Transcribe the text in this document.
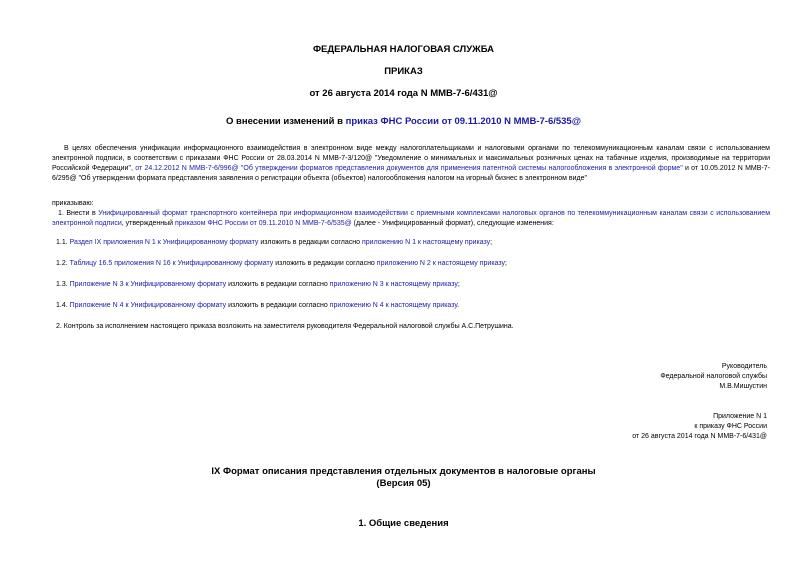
ФЕДЕРАЛЬНАЯ НАЛОГОВАЯ СЛУЖБА
ПРИКАЗ
от 26 августа 2014 года N ММВ-7-6/431@
О внесении изменений в приказ ФНС России от 09.11.2010 N ММВ-7-6/535@
В целях обеспечения унификации информационного взаимодействия в электронном виде между налогоплательщиками и налоговыми органами по телекоммуникационным каналам связи с использованием электронной подписи, в соответствии с приказами ФНС России от 28.03.2014 N ММВ-7-3/120@ "Уведомление о минимальных и максимальных розничных ценах на табачные изделия, производимые на территории Российской Федерации", от 24.12.2012 N ММВ-7-6/996@ "Об утверждении форматов представления документов для применения патентной системы налогообложения в электронной форме" и от 10.05.2012 N ММВ-7-6/295@ "Об утверждении формата представления заявления о регистрации объекта (объектов) налогообложения налогом на игорный бизнес в электронном виде"
приказываю:
1. Внести в Унифицированный формат транспортного контейнера при информационном взаимодействии с приемными комплексами налоговых органов по телекоммуникационным каналам связи с использованием электронной подписи, утвержденный приказом ФНС России от 09.11.2010 N ММВ-7-6/535@ (далее - Унифицированный формат), следующие изменения:
1.1. Раздел IX приложения N 1 к Унифицированному формату изложить в редакции согласно приложению N 1 к настоящему приказу;
1.2. Таблицу 16.5 приложения N 16 к Унифицированному формату изложить в редакции согласно приложению N 2 к настоящему приказу;
1.3. Приложение N 3 к Унифицированному формату изложить в редакции согласно приложению N 3 к настоящему приказу;
1.4. Приложение N 4 к Унифицированному формату изложить в редакции согласно приложению N 4 к настоящему приказу.
2. Контроль за исполнением настоящего приказа возложить на заместителя руководителя Федеральной налоговой службы А.С.Петрушина.
Руководитель
Федеральной налоговой службы
М.В.Мишустин
Приложение N 1
к приказу ФНС России
от 26 августа 2014 года N ММВ-7-6/431@
IX Формат описания представления отдельных документов в налоговые органы
(Версия 05)
1. Общие сведения
